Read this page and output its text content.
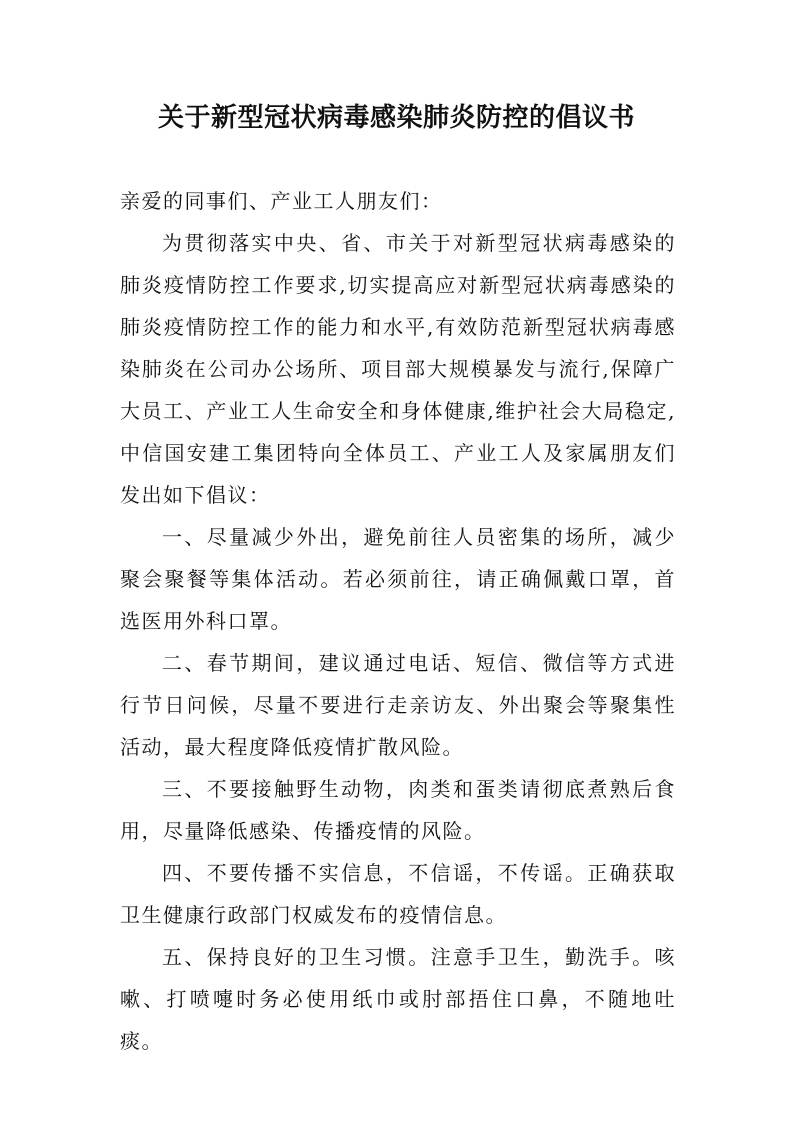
关于新型冠状病毒感染肺炎防控的倡议书

亲爱的同事们、产业工人朋友们：

为贯彻落实中央、省、市关于对新型冠状病毒感染的肺炎疫情防控工作要求,切实提高应对新型冠状病毒感染的肺炎疫情防控工作的能力和水平,有效防范新型冠状病毒感染肺炎在公司办公场所、项目部大规模暴发与流行,保障广大员工、产业工人生命安全和身体健康,维护社会大局稳定,中信国安建工集团特向全体员工、产业工人及家属朋友们发出如下倡议：

一、尽量减少外出，避免前往人员密集的场所，减少聚会聚餐等集体活动。若必须前往，请正确佩戴口罩，首选医用外科口罩。

二、春节期间，建议通过电话、短信、微信等方式进行节日问候，尽量不要进行走亲访友、外出聚会等聚集性活动，最大程度降低疫情扩散风险。

三、不要接触野生动物，肉类和蛋类请彻底煮熟后食用，尽量降低感染、传播疫情的风险。

四、不要传播不实信息，不信谣，不传谣。正确获取卫生健康行政部门权威发布的疫情信息。

五、保持良好的卫生习惯。注意手卫生，勤洗手。咳嗽、打喷嚏时务必使用纸巾或肘部捂住口鼻，不随地吐痰。
